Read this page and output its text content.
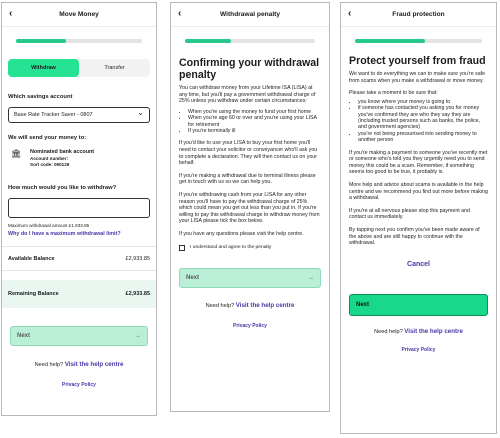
‹	Move Money
Withdraw	Transfer
Which savings account
Base Rate Tracker Saver - 0807	⌄
We will send your money to:
🏛 Nominated bank account
Account number:
Sort code: 090129
How much would you like to withdraw?
Maximum withdrawal amount £1,933.85
Why do I have a maximum withdrawal limit?
Available Balance	£2,933.85
Remaining Balance	£2,933.85
Next	→
Need help? Visit the help centre
Privacy Policy
‹	Withdrawal penalty
Confirming your withdrawal penalty
You can withdraw money from your Lifetime ISA (LISA) at any time, but you'll pay a government withdrawal charge of 25% unless you withdraw under certain circumstances:
• When you're using the money to fund your first home
• When you're age 60 or over and you're using your LISA for retirement
• If you're terminally ill
If you'd like to use your LISA to buy your first home you'll need to contact your solicitor or conveyancer who'll ask you to complete a declaration. They will then contact us on your behalf.
If you're making a withdrawal due to terminal illness please get in touch with us so we can help you.
If you're withdrawing cash from your LISA for any other reason you'll have to pay the withdrawal charge of 25% which could mean you get out less than you put in. If you're willing to pay this withdrawal charge to withdraw money from your LISA please tick the box below.
If you have any questions please visit the help centre.
I understand and agree to the penalty
Next	→
Need help? Visit the help centre
Privacy Policy
‹	Fraud protection
Protect yourself from fraud
We want to do everything we can to make sure you're safe from scams when you make a withdrawal or move money.
Please take a moment to be sure that:
• you know where your money is going to
• if someone has contacted you asking you for money you've confirmed they are who they say they are (including trusted persons such as banks, the police, and government agencies)
• you're not being pressurised into sending money to another person
If you're making a payment to someone you've recently met or someone who's told you they urgently need you to send money this could be a scam. Remember, if something seems too good to be true, it probably is.
More help and advice about scams is available in the help centre and we recommend you find out more before making a withdrawal.
If you're at all nervous please stop this payment and contact us immediately.
By tapping next you confirm you've been made aware of the above and are still happy to continue with the withdrawal.
Cancel
Next
Need help? Visit the help centre
Privacy Policy
